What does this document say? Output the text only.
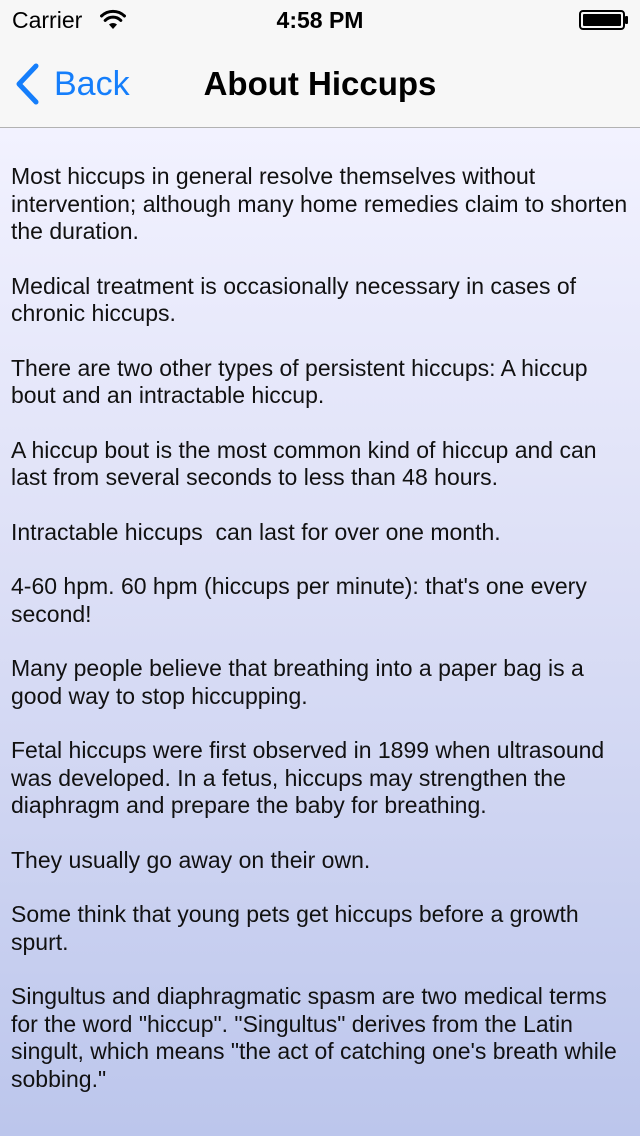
Carrier	4:58 PM
Back	About Hiccups

Most hiccups in general resolve themselves without intervention; although many home remedies claim to shorten the duration.

Medical treatment is occasionally necessary in cases of chronic hiccups.

There are two other types of persistent hiccups: A hiccup bout and an intractable hiccup.

A hiccup bout is the most common kind of hiccup and can last from several seconds to less than 48 hours.

Intractable hiccups  can last for over one month.

4-60 hpm. 60 hpm (hiccups per minute): that's one every second!

Many people believe that breathing into a paper bag is a good way to stop hiccupping.

Fetal hiccups were first observed in 1899 when ultrasound was developed. In a fetus, hiccups may strengthen the diaphragm and prepare the baby for breathing.

They usually go away on their own.

Some think that young pets get hiccups before a growth spurt.

Singultus and diaphragmatic spasm are two medical terms for the word "hiccup". "Singultus" derives from the Latin singult, which means "the act of catching one's breath while sobbing."
